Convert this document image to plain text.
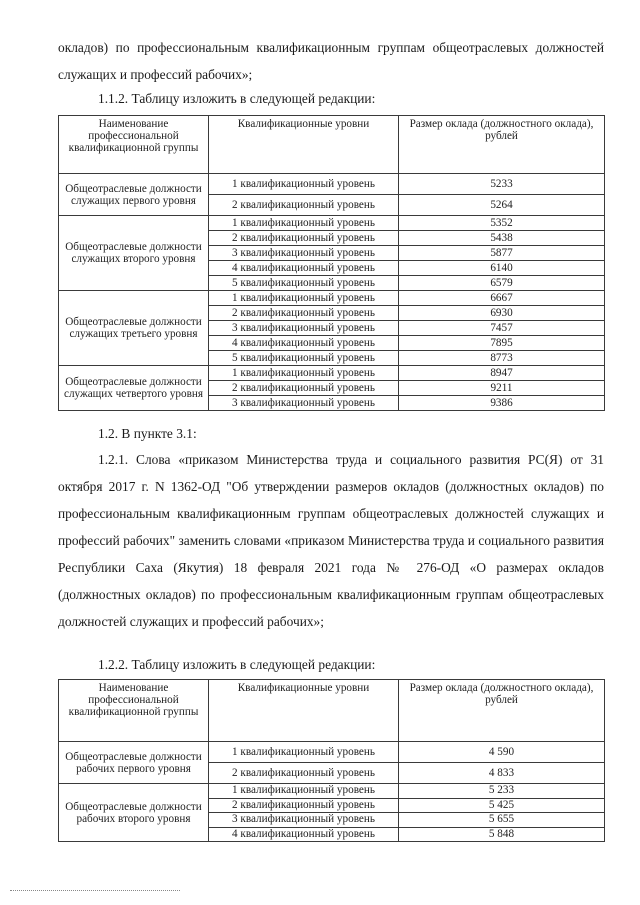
окладов) по профессиональным квалификационным группам общеотраслевых должностей служащих и профессий рабочих»;

1.1.2. Таблицу изложить в следующей редакции:

Наименование профессиональной квалификационной группы	Квалификационные уровни	Размер оклада (должностного оклада), рублей
Общеотраслевые должности служащих первого уровня	1 квалификационный уровень	5233
	2 квалификационный уровень	5264
Общеотраслевые должности служащих второго уровня	1 квалификационный уровень	5352
	2 квалификационный уровень	5438
	3 квалификационный уровень	5877
	4 квалификационный уровень	6140
	5 квалификационный уровень	6579
Общеотраслевые должности служащих третьего уровня	1 квалификационный уровень	6667
	2 квалификационный уровень	6930
	3 квалификационный уровень	7457
	4 квалификационный уровень	7895
	5 квалификационный уровень	8773
Общеотраслевые должности служащих четвертого уровня	1 квалификационный уровень	8947
	2 квалификационный уровень	9211
	3 квалификационный уровень	9386

1.2. В пункте 3.1:

1.2.1. Слова «приказом Министерства труда и социального развития РС(Я) от 31 октября 2017 г. N 1362-ОД "Об утверждении размеров окладов (должностных окладов) по профессиональным квалификационным группам общеотраслевых должностей служащих и профессий рабочих" заменить словами «приказом Министерства труда и социального развития Республики Саха (Якутия) 18 февраля 2021 года № 276-ОД «О размерах окладов (должностных окладов) по профессиональным квалификационным группам общеотраслевых должностей служащих и профессий рабочих»;

1.2.2. Таблицу изложить в следующей редакции:

Наименование профессиональной квалификационной группы	Квалификационные уровни	Размер оклада (должностного оклада), рублей
Общеотраслевые должности рабочих первого уровня	1 квалификационный уровень	4 590
	2 квалификационный уровень	4 833
Общеотраслевые должности рабочих второго уровня	1 квалификационный уровень	5 233
	2 квалификационный уровень	5 425
	3 квалификационный уровень	5 655
	4 квалификационный уровень	5 848
